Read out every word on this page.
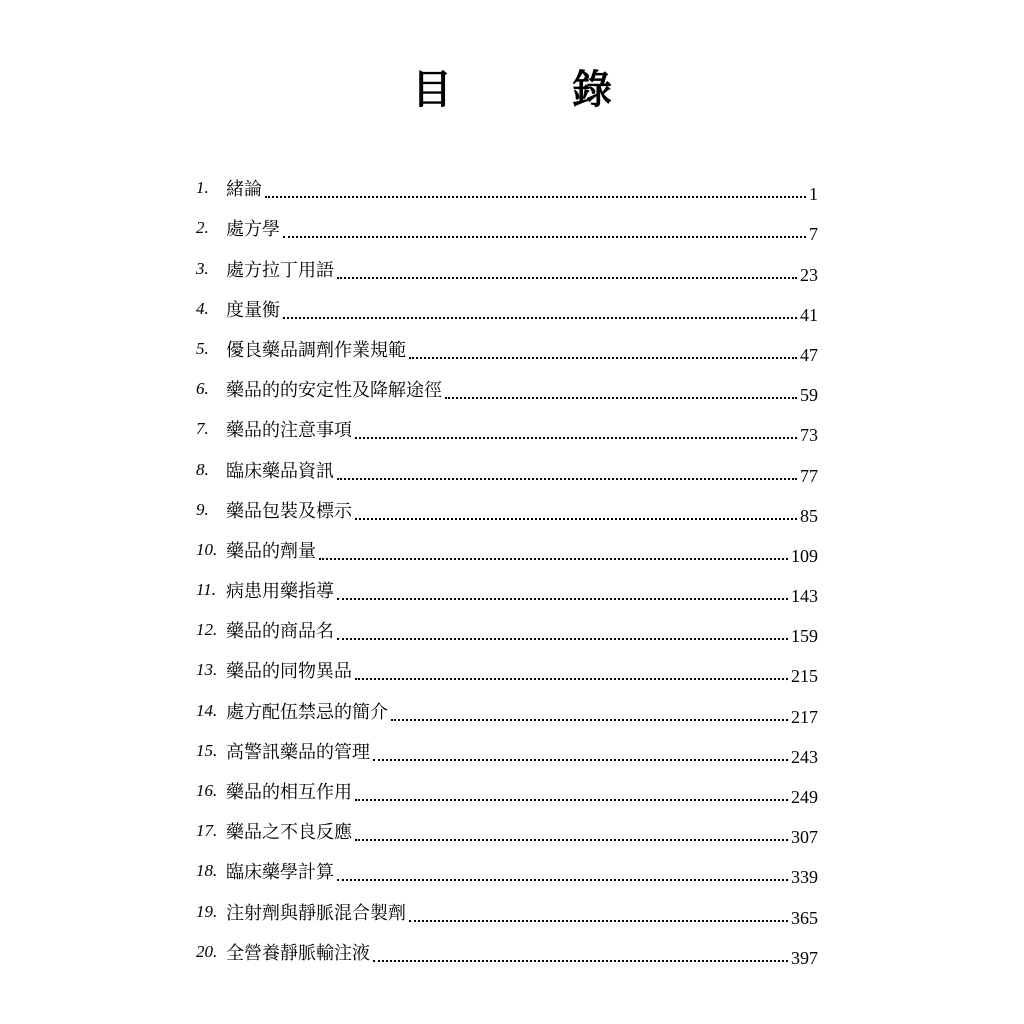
目　錄
1. 緒論	1
2. 處方學	7
3. 處方拉丁用語	23
4. 度量衡	41
5. 優良藥品調劑作業規範	47
6. 藥品的的安定性及降解途徑	59
7. 藥品的注意事項	73
8. 臨床藥品資訊	77
9. 藥品包裝及標示	85
10. 藥品的劑量	109
11. 病患用藥指導	143
12. 藥品的商品名	159
13. 藥品的同物異品	215
14. 處方配伍禁忌的簡介	217
15. 高警訊藥品的管理	243
16. 藥品的相互作用	249
17. 藥品之不良反應	307
18. 臨床藥學計算	339
19. 注射劑與靜脈混合製劑	365
20. 全營養靜脈輸注液	397
